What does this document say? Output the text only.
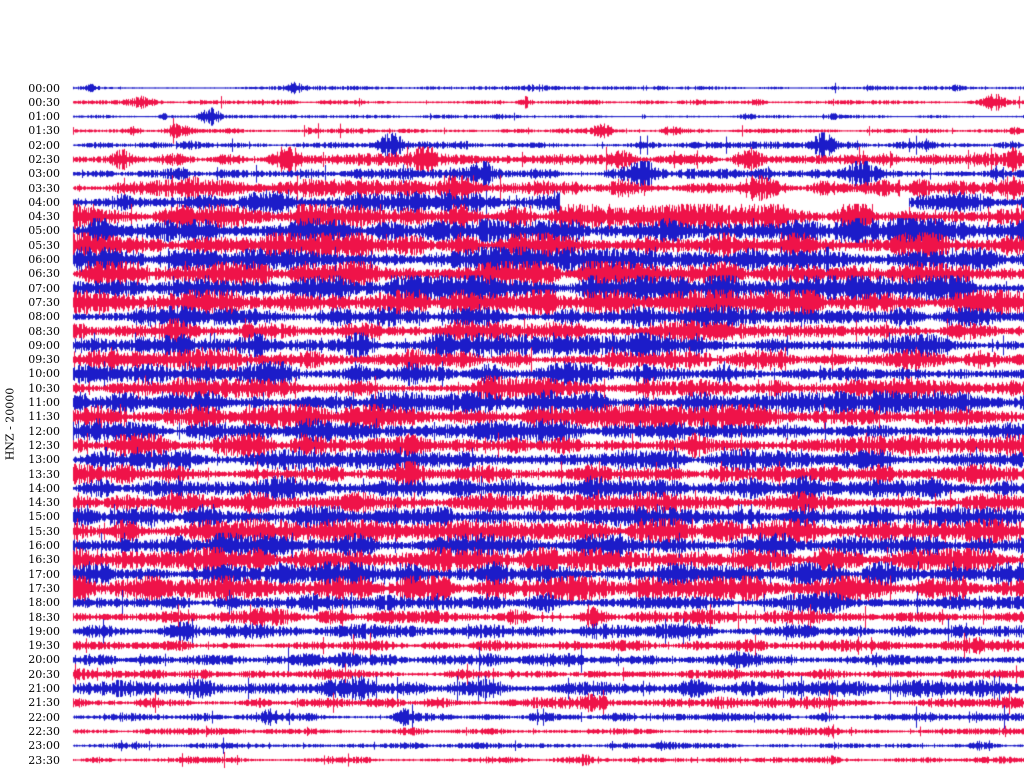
HNZ - 20000
00:00
00:30
01:00
01:30
02:00
02:30
03:00
03:30
04:00
04:30
05:00
05:30
06:00
06:30
07:00
07:30
08:00
08:30
09:00
09:30
10:00
10:30
11:00
11:30
12:00
12:30
13:00
13:30
14:00
14:30
15:00
15:30
16:00
16:30
17:00
17:30
18:00
18:30
19:00
19:30
20:00
20:30
21:00
21:30
22:00
22:30
23:00
23:30
